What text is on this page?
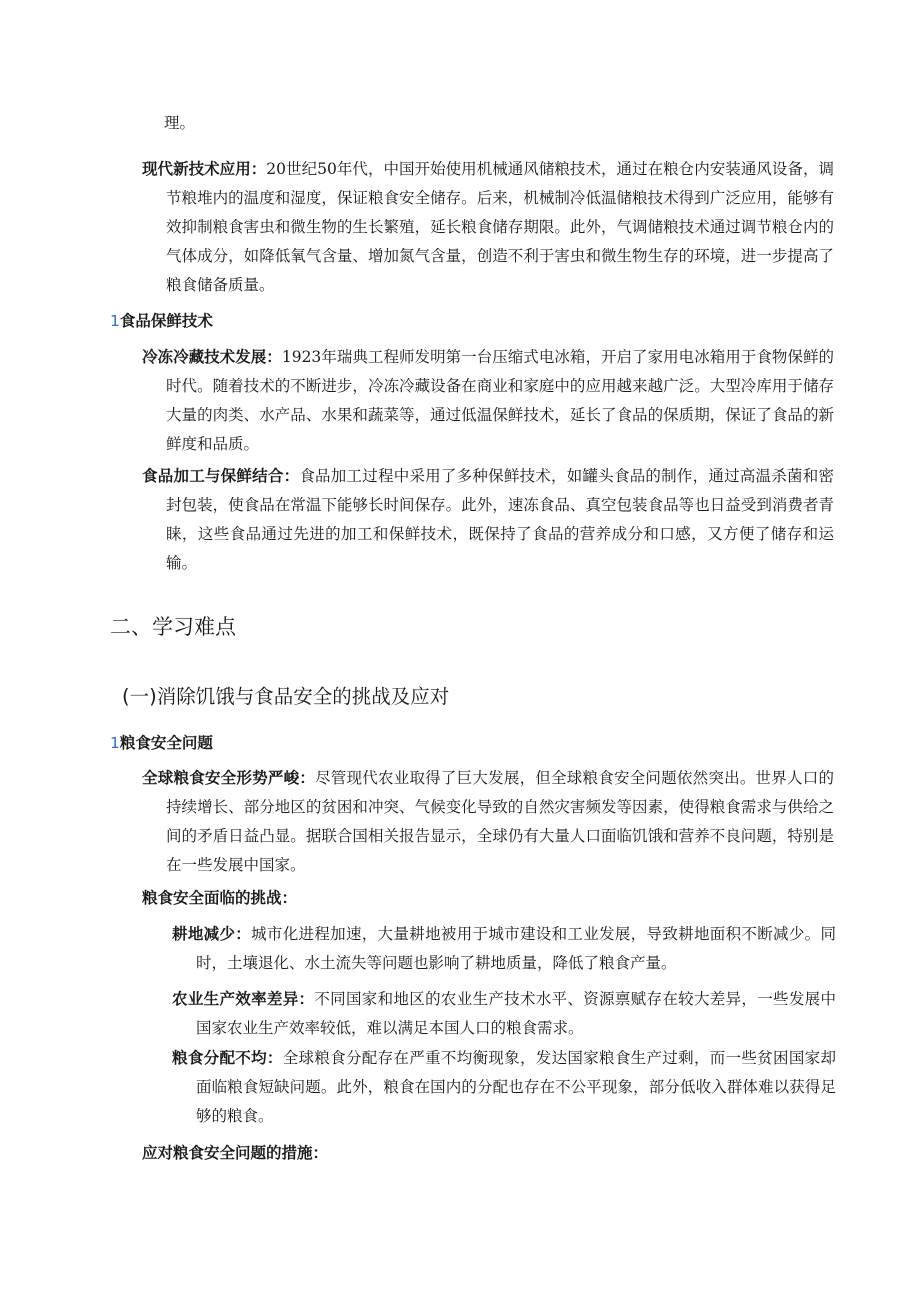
理。

现代新技术应用：20世纪50年代，中国开始使用机械通风储粮技术，通过在粮仓内安装通风设备，调节粮堆内的温度和湿度，保证粮食安全储存。后来，机械制冷低温储粮技术得到广泛应用，能够有效抑制粮食害虫和微生物的生长繁殖，延长粮食储存期限。此外，气调储粮技术通过调节粮仓内的气体成分，如降低氧气含量、增加氮气含量，创造不利于害虫和微生物生存的环境，进一步提高了粮食储备质量。

1食品保鲜技术

冷冻冷藏技术发展：1923年瑞典工程师发明第一台压缩式电冰箱，开启了家用电冰箱用于食物保鲜的时代。随着技术的不断进步，冷冻冷藏设备在商业和家庭中的应用越来越广泛。大型冷库用于储存大量的肉类、水产品、水果和蔬菜等，通过低温保鲜技术，延长了食品的保质期，保证了食品的新鲜度和品质。

食品加工与保鲜结合：食品加工过程中采用了多种保鲜技术，如罐头食品的制作，通过高温杀菌和密封包装，使食品在常温下能够长时间保存。此外，速冻食品、真空包装食品等也日益受到消费者青睐，这些食品通过先进的加工和保鲜技术，既保持了食品的营养成分和口感，又方便了储存和运输。

二、学习难点
(一)消除饥饿与食品安全的挑战及应对
1粮食安全问题

全球粮食安全形势严峻：尽管现代农业取得了巨大发展，但全球粮食安全问题依然突出。世界人口的持续增长、部分地区的贫困和冲突、气候变化导致的自然灾害频发等因素，使得粮食需求与供给之间的矛盾日益凸显。据联合国相关报告显示，全球仍有大量人口面临饥饿和营养不良问题，特别是在一些发展中国家。

粮食安全面临的挑战：

耕地减少：城市化进程加速，大量耕地被用于城市建设和工业发展，导致耕地面积不断减少。同时，土壤退化、水土流失等问题也影响了耕地质量，降低了粮食产量。

农业生产效率差异：不同国家和地区的农业生产技术水平、资源禀赋存在较大差异，一些发展中国家农业生产效率较低，难以满足本国人口的粮食需求。

粮食分配不均：全球粮食分配存在严重不均衡现象，发达国家粮食生产过剩，而一些贫困国家却面临粮食短缺问题。此外，粮食在国内的分配也存在不公平现象，部分低收入群体难以获得足够的粮食。

应对粮食安全问题的措施：
